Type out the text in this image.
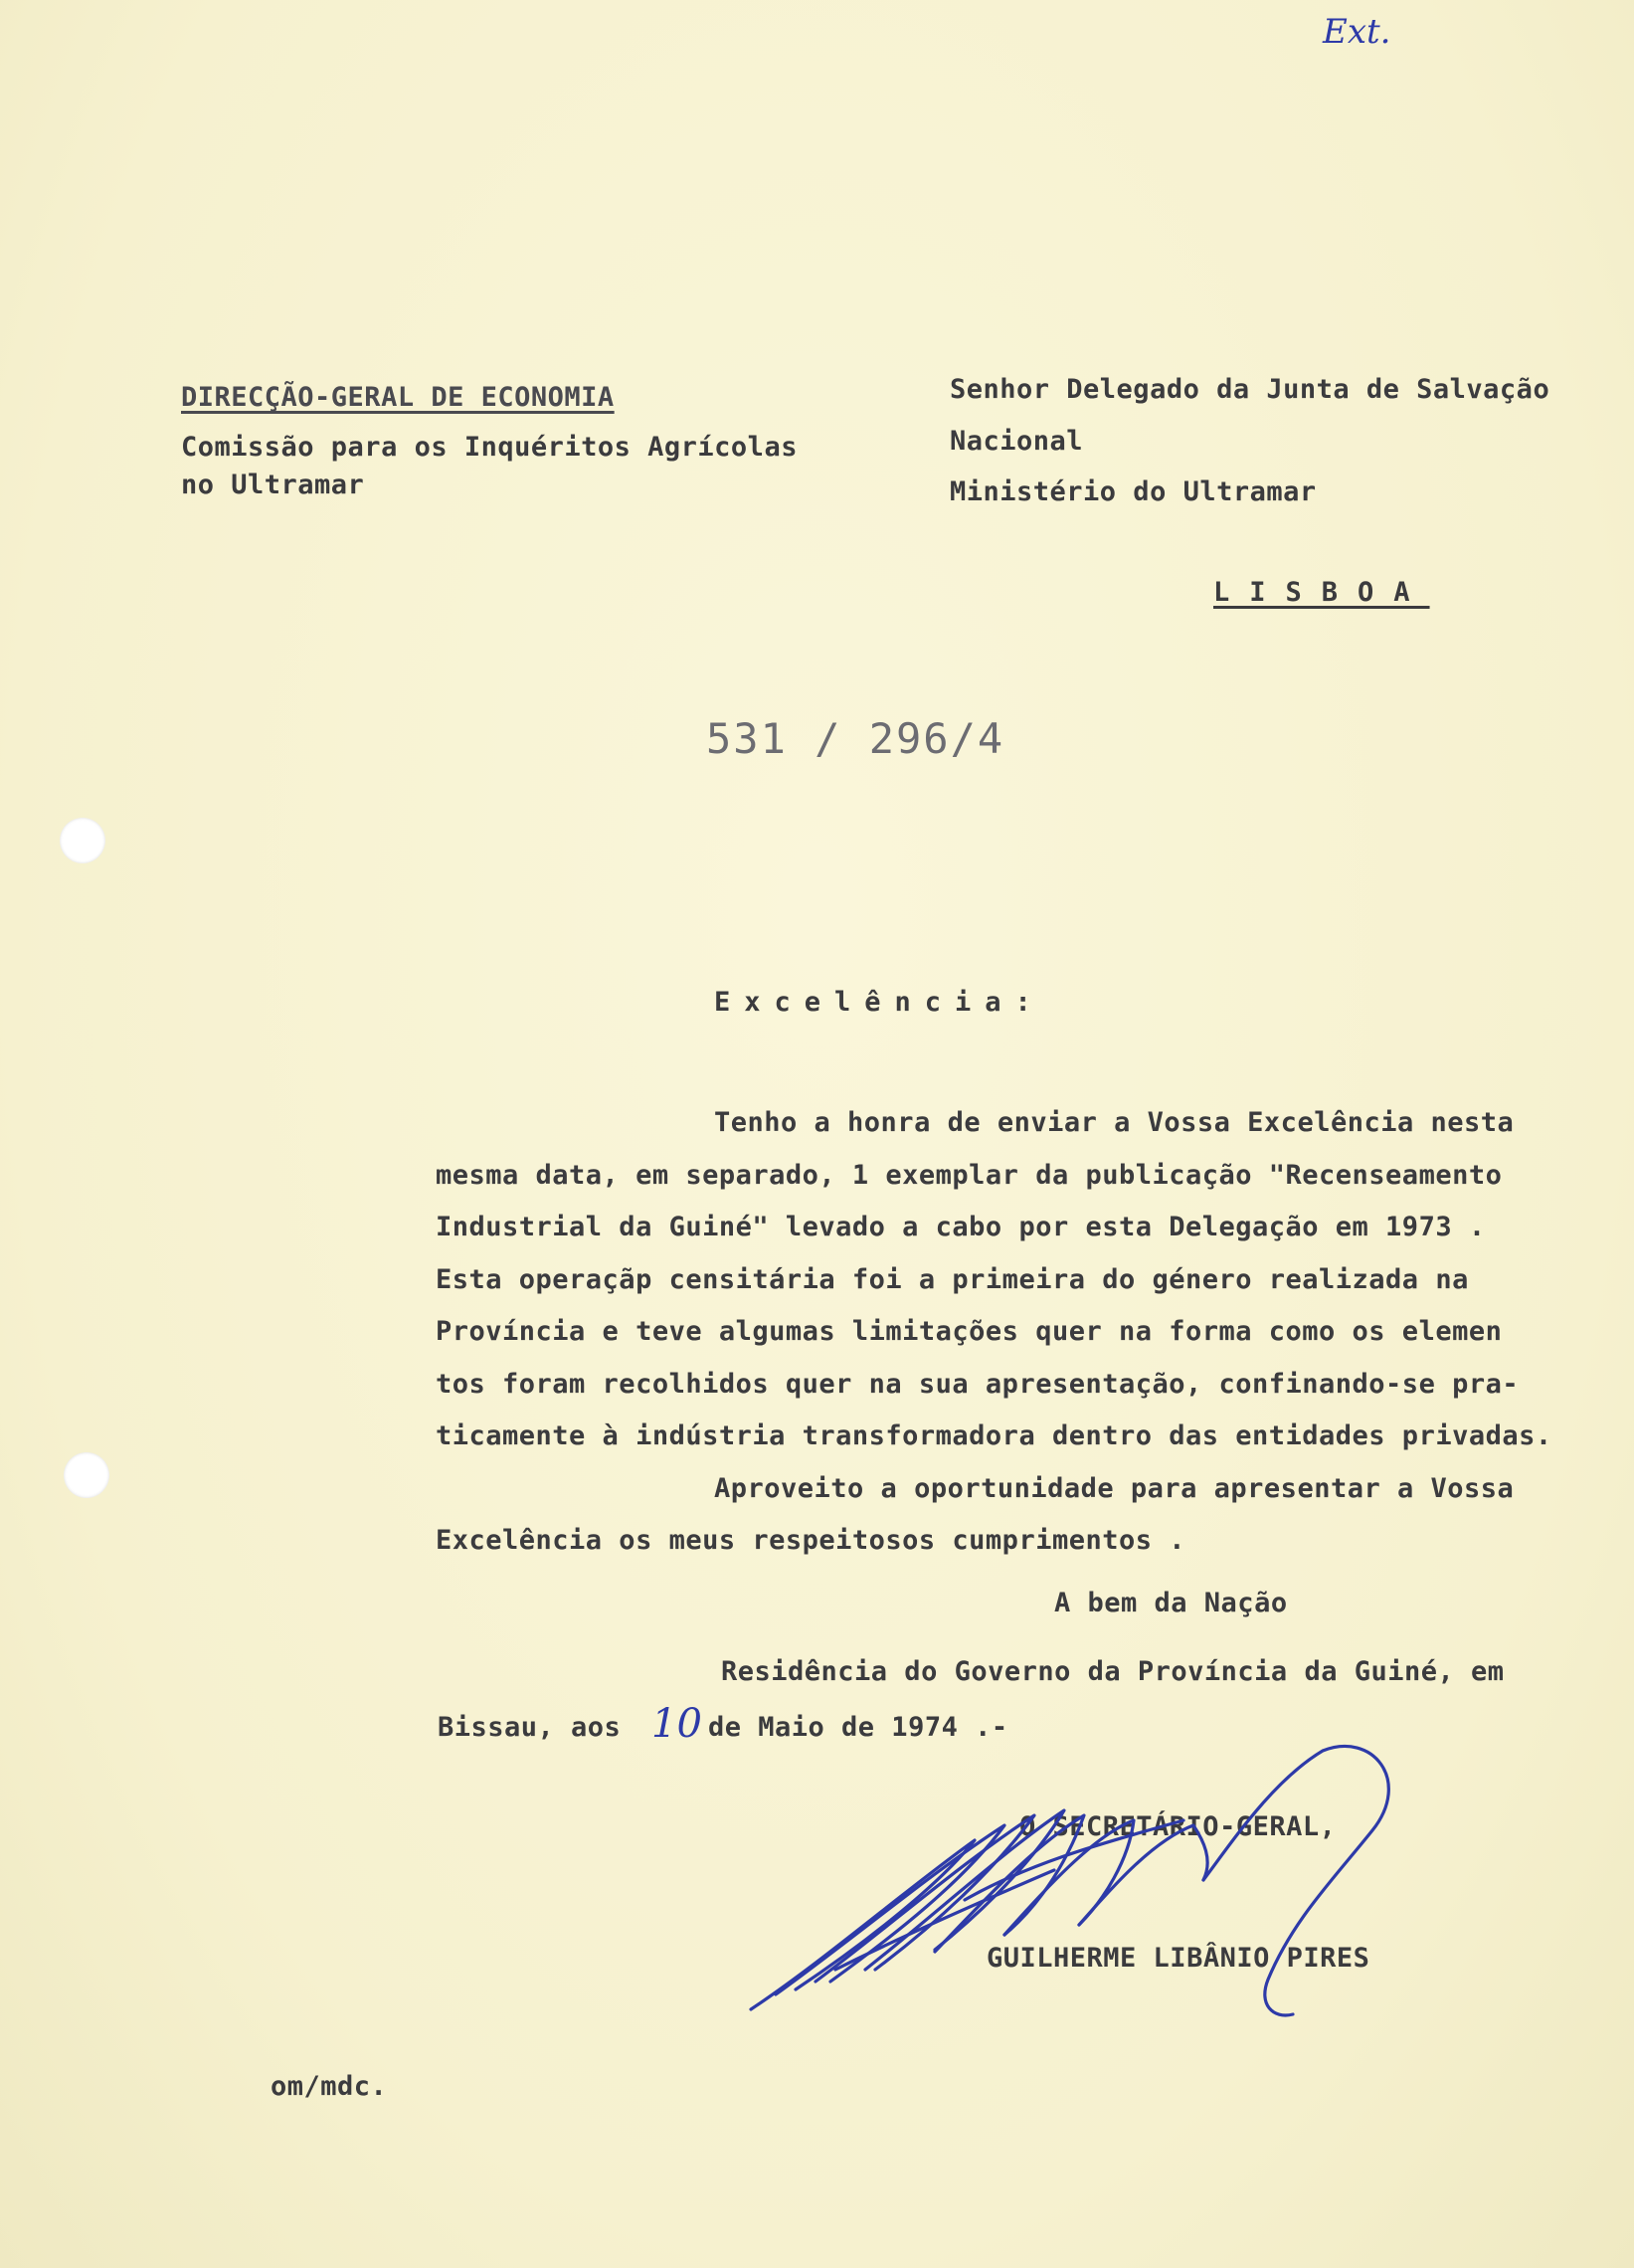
Ext.
DIRECÇÃO-GERAL DE ECONOMIA
Comissão para os Inquéritos Agrícolas
no Ultramar
Senhor Delegado da Junta de Salvação
Nacional
Ministério do Ultramar
LISBOA
531 / 296/4
Excelência:
Tenho a honra de enviar a Vossa Excelência nesta
mesma data, em separado, 1 exemplar da publicação "Recenseamento
Industrial da Guiné" levado a cabo por esta Delegação em 1973 .
Esta operaçãp censitária foi a primeira do género realizada na
Província e teve algumas limitações quer na forma como os elemen
tos foram recolhidos quer na sua apresentação, confinando-se pra-
ticamente à indústria transformadora dentro das entidades privadas.
Aproveito a oportunidade para apresentar a Vossa
Excelência os meus respeitosos cumprimentos .
A bem da Nação
Residência do Governo da Província da Guiné, em
Bissau, aos 10 de Maio de 1974 .-
O SECRETÁRIO-GERAL,
GUILHERME LIBÂNIO PIRES
om/mdc.
